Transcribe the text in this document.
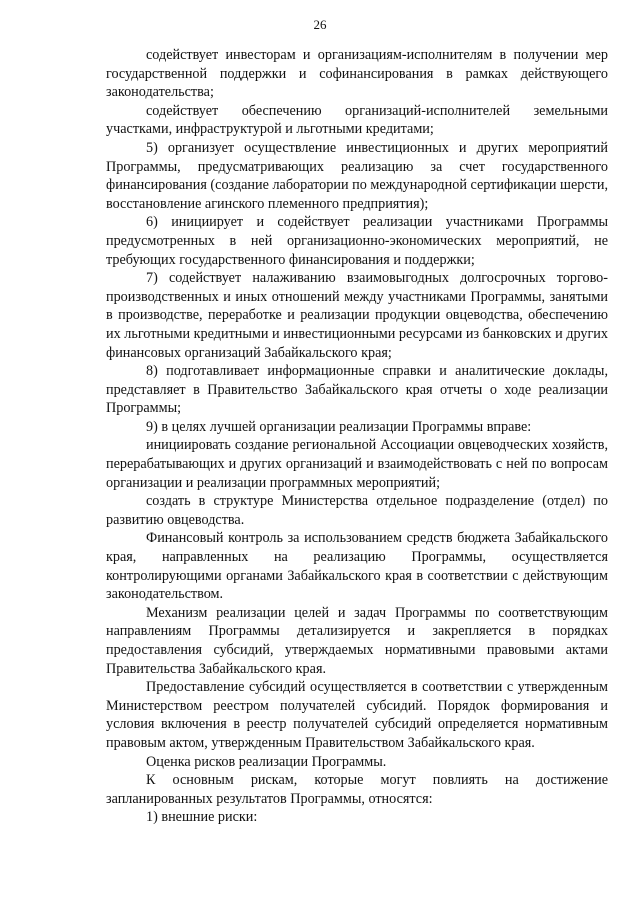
26

содействует инвесторам и организациям-исполнителям в получении мер государственной поддержки и софинансирования в рамках действующего законодательства;

содействует обеспечению организаций-исполнителей земельными участками, инфраструктурой и льготными кредитами;

5) организует осуществление инвестиционных и других мероприятий Программы, предусматривающих реализацию за счет государственного финансирования (создание лаборатории по международной сертификации шерсти, восстановление агинского племенного предприятия);

6) инициирует и содействует реализации участниками Программы предусмотренных в ней организационно-экономических мероприятий, не требующих государственного финансирования и поддержки;

7) содействует налаживанию взаимовыгодных долгосрочных торгово-производственных и иных отношений между участниками Программы, занятыми в производстве, переработке и реализации продукции овцеводства, обеспечению их льготными кредитными и инвестиционными ресурсами из банковских и других финансовых организаций Забайкальского края;

8) подготавливает информационные справки и аналитические доклады, представляет в Правительство Забайкальского края отчеты о ходе реализации Программы;

9) в целях лучшей организации реализации Программы вправе:

инициировать создание региональной Ассоциации овцеводческих хозяйств, перерабатывающих и других организаций и взаимодействовать с ней по вопросам организации и реализации программных мероприятий;

создать в структуре Министерства отдельное подразделение (отдел) по развитию овцеводства.

Финансовый контроль за использованием средств бюджета Забайкальского края, направленных на реализацию Программы, осуществляется контролирующими органами Забайкальского края в соответствии с действующим законодательством.

Механизм реализации целей и задач Программы по соответствующим направлениям Программы детализируется и закрепляется в порядках предоставления субсидий, утверждаемых нормативными правовыми актами Правительства Забайкальского края.

Предоставление субсидий осуществляется в соответствии с утвержденным Министерством реестром получателей субсидий. Порядок формирования и условия включения в реестр получателей субсидий определяется нормативным правовым актом, утвержденным Правительством Забайкальского края.

Оценка рисков реализации Программы.

К основным рискам, которые могут повлиять на достижение запланированных результатов Программы, относятся:

1) внешние риски:
